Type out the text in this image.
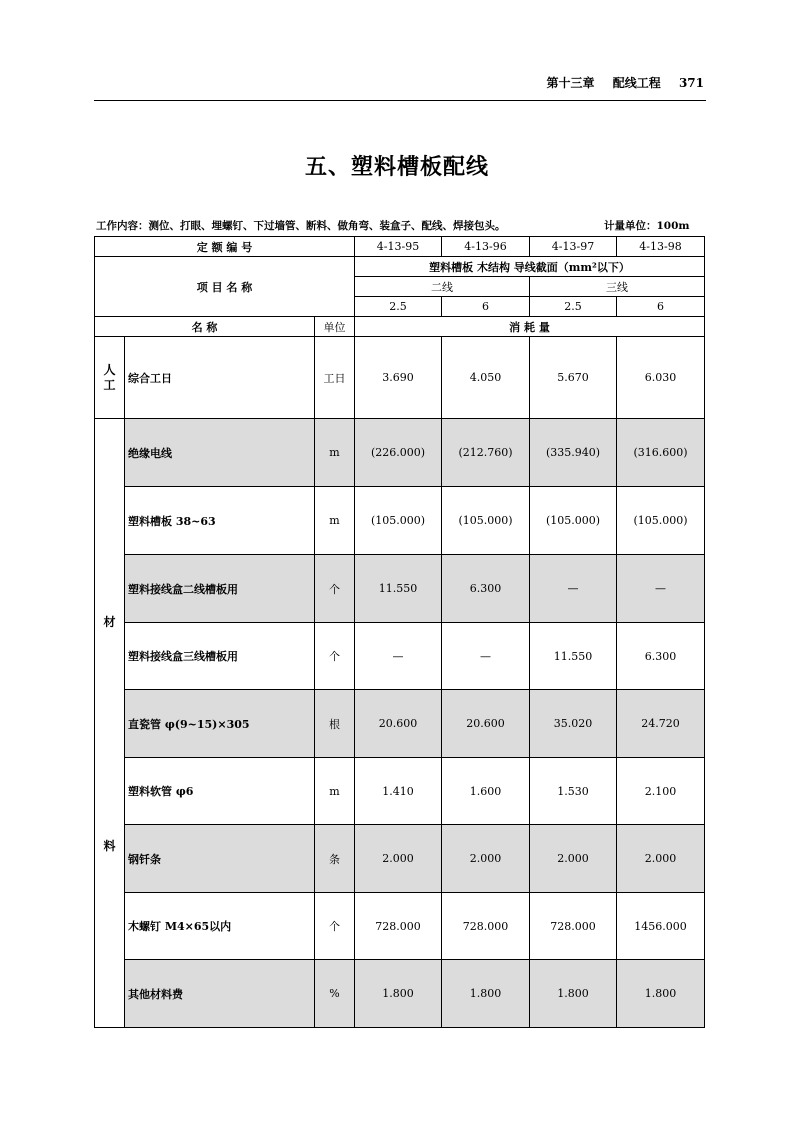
第十三章 配线工程 371
五、塑料槽板配线
工作内容：测位、打眼、埋螺钉、下过墙管、断料、做角弯、装盒子、配线、焊接包头。	计量单位：100m
定 额 编 号			4-13-95	4-13-96	4-13-97	4-13-98
项 目 名 称			塑料槽板 木结构 导线截面（mm²以下）			
			二线		三线	
			2.5	6	2.5	6
名 称		单位	消 耗 量			
人工	综合工日	工日	3.690	4.050	5.670	6.030

材
料	绝缘电线	m	(226.000)	(212.760)	(335.940)	(316.600)
	塑料槽板 38~63	m	(105.000)	(105.000)	(105.000)	(105.000)
	塑料接线盒二线槽板用	个	11.550	6.300	—	—
	塑料接线盒三线槽板用	个	—	—	11.550	6.300
	直瓷管 φ(9~15)×305	根	20.600	20.600	35.020	24.720
	塑料软管 φ6	m	1.410	1.600	1.530	2.100
	钢钎条	条	2.000	2.000	2.000	2.000
	木螺钉 M4×65以内	个	728.000	728.000	728.000	1456.000
	其他材料费	%	1.800	1.800	1.800	1.800
